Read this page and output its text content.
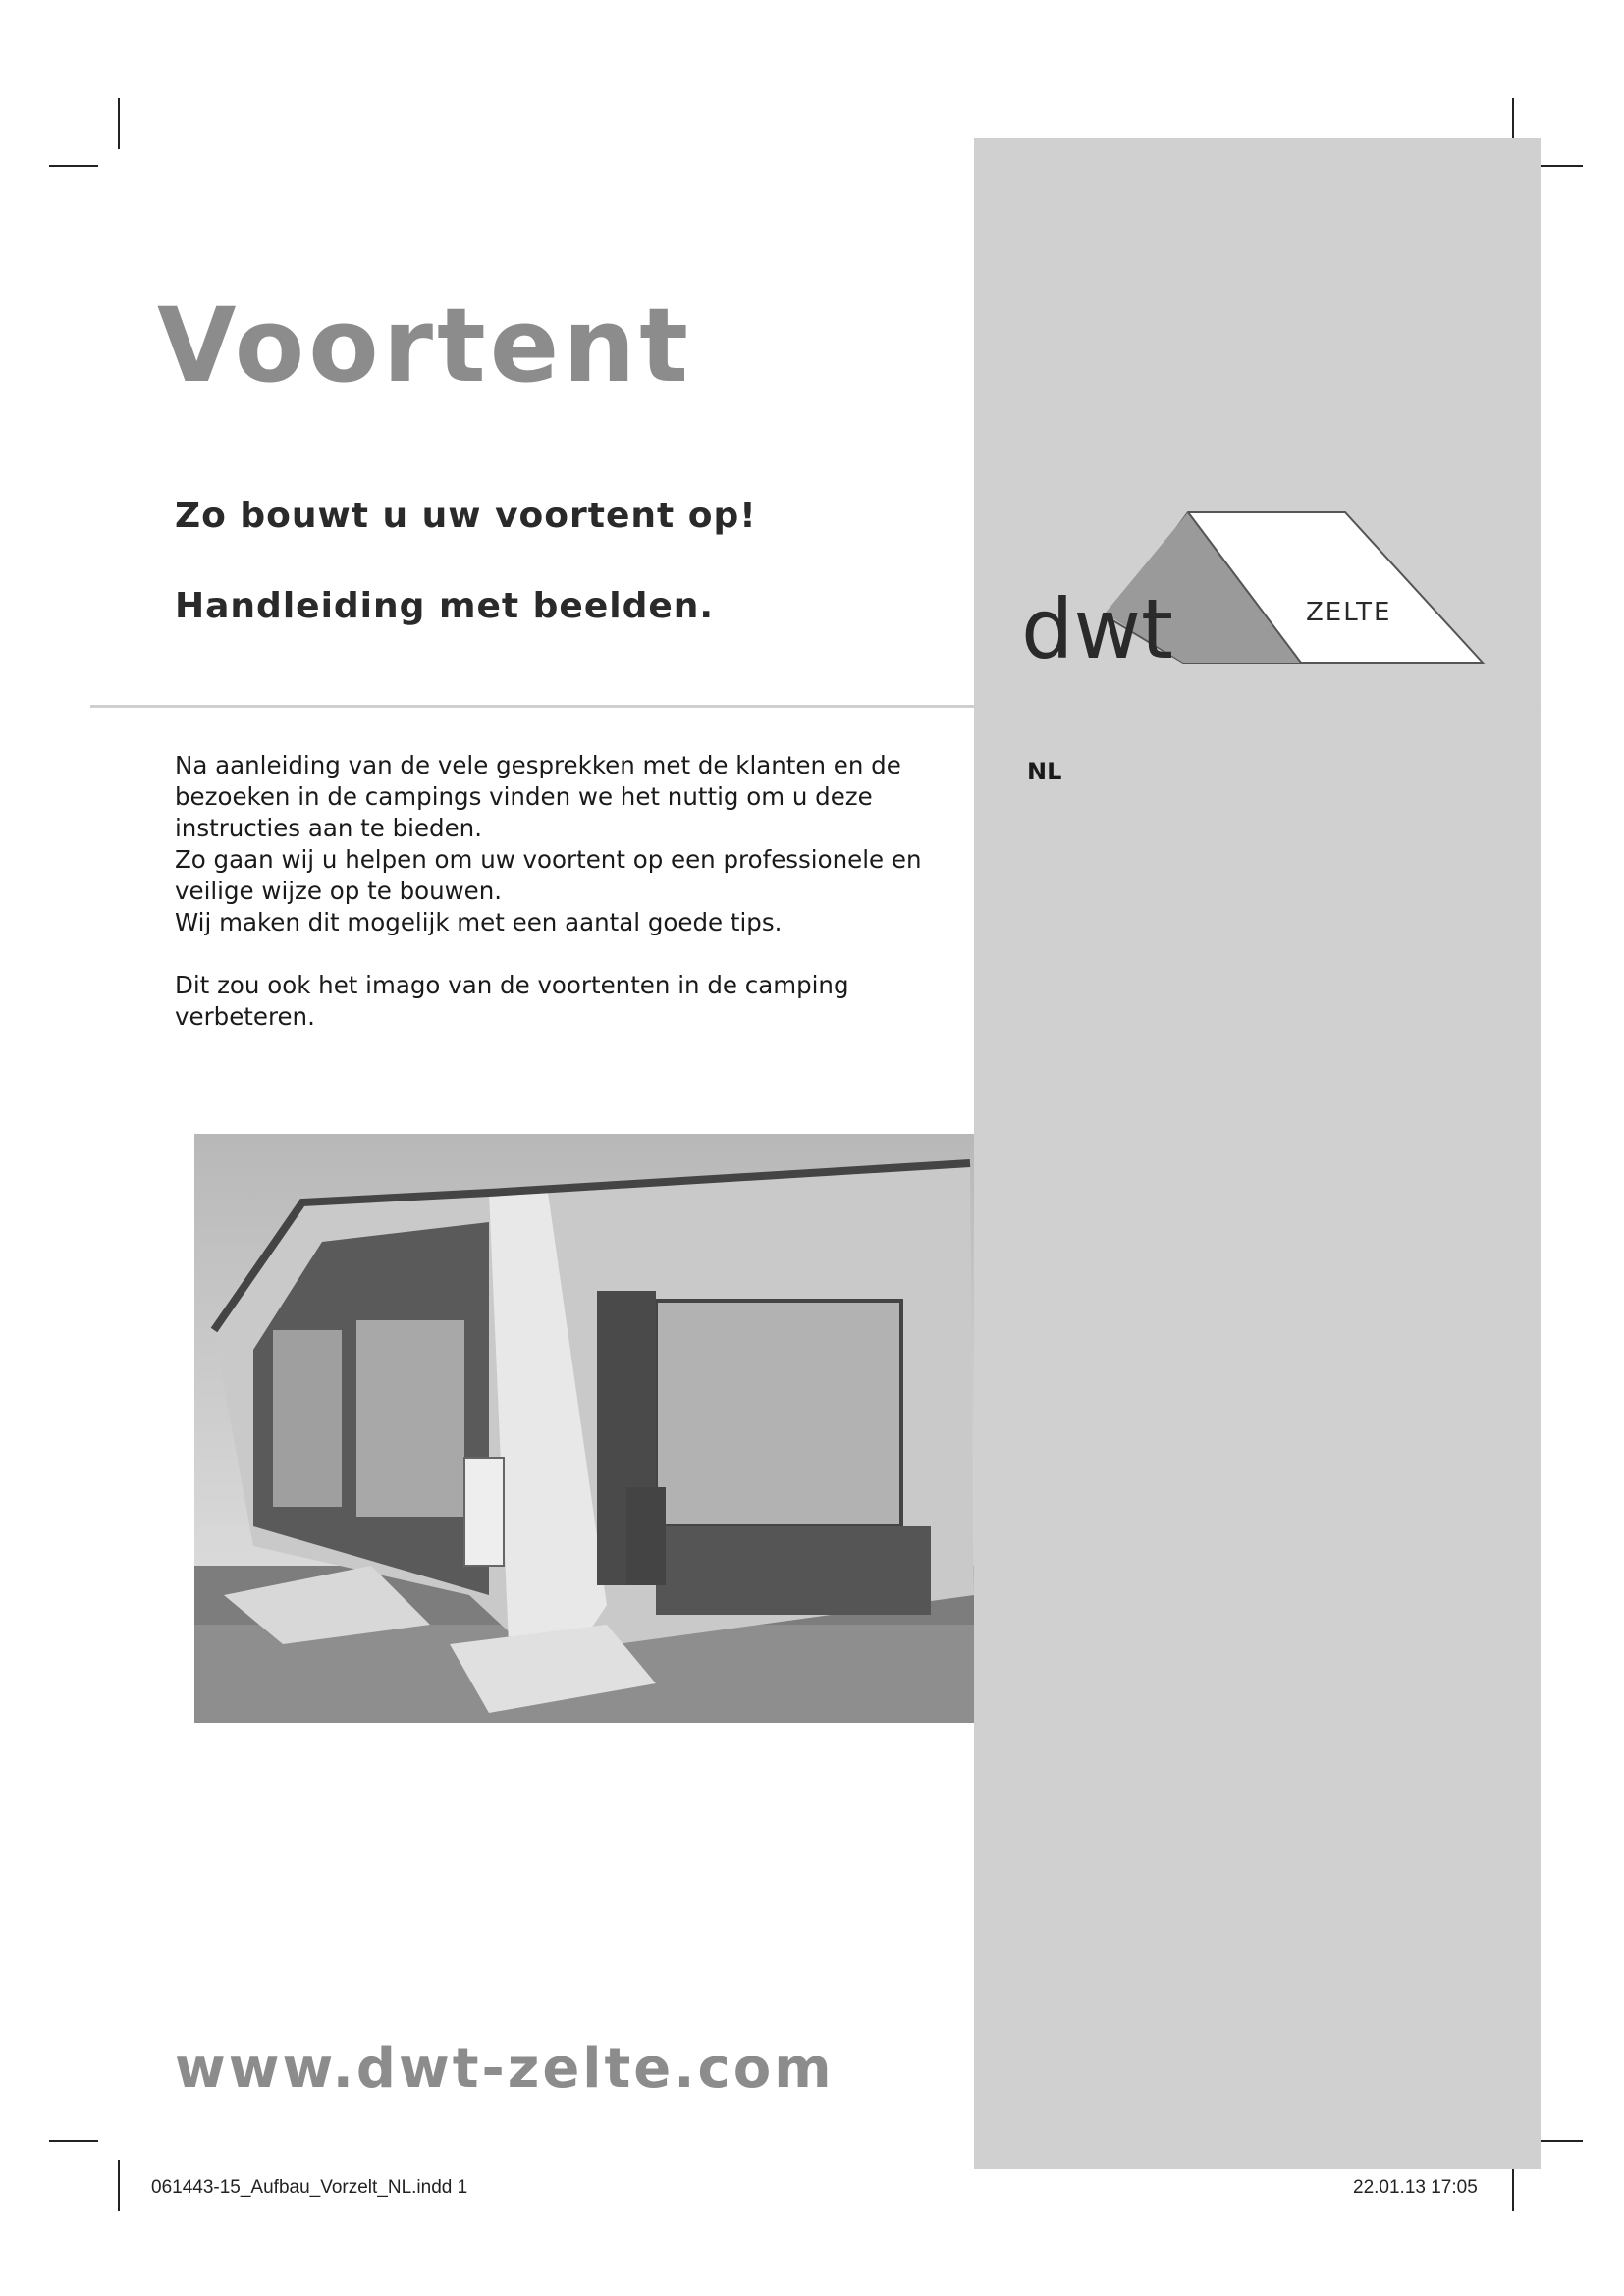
Voortent
Zo bouwt u uw voortent op!
Handleiding met beelden.	dwt	ZELTE
NL

Na aanleiding van de vele gesprekken met de klanten en de bezoeken in de campings vinden we het nuttig om u deze instructies aan te bieden.

Zo gaan wij u helpen om uw voortent op een professionele en veilige wijze op te bouwen.

Wij maken dit mogelijk met een aantal goede tips.

Dit zou ook het imago van de voortenten in de camping verbeteren.

www.dwt-zelte.com
061443-15_Aufbau_Vorzelt_NL.indd 1	22.01.13 17:05
